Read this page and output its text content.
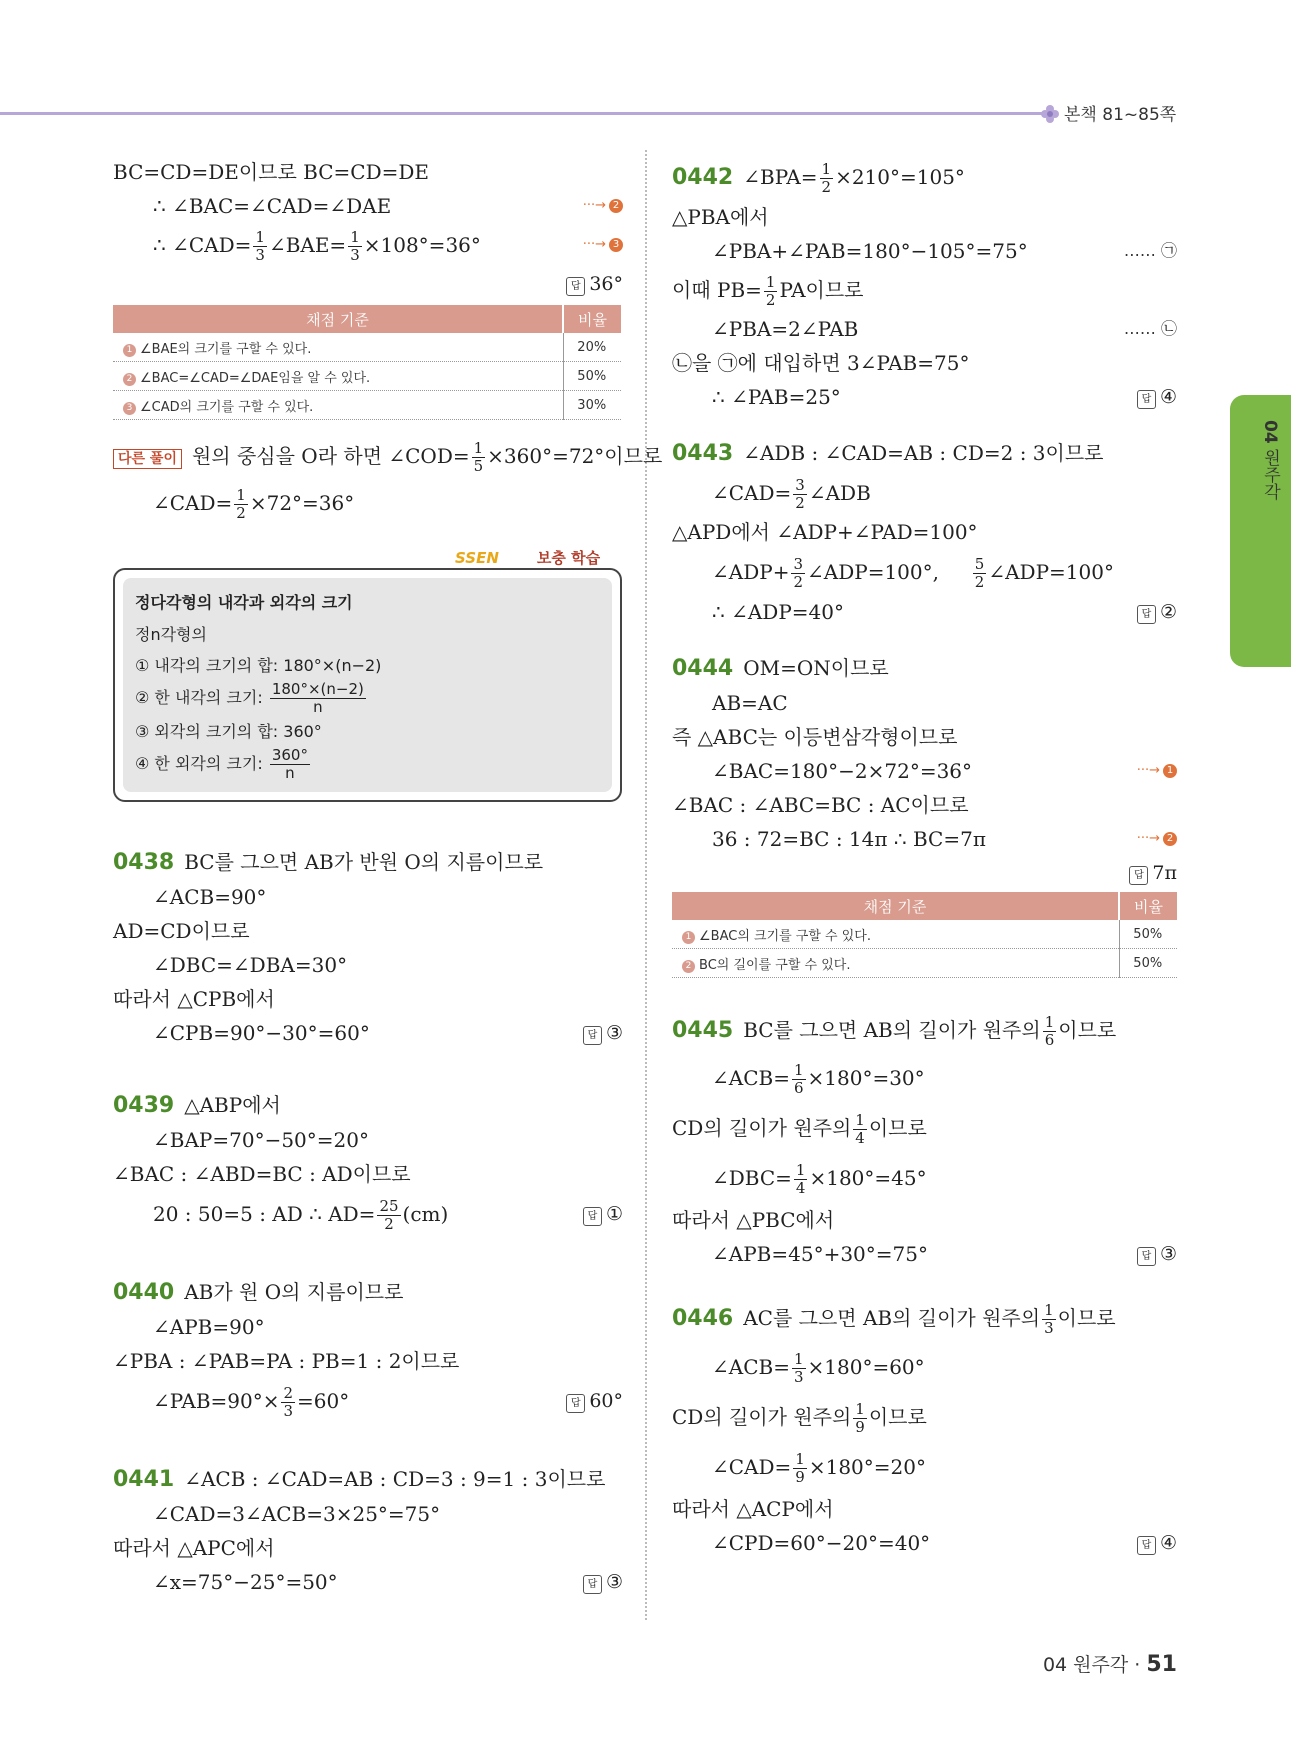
본책 81~85쪽
04 원주각
BC=CD=DE이므로 BC=CD=DE
∴ ∠BAC=∠CAD=∠DAE	···→ 2
∴ ∠CAD= $\frac{1}{3}$ ∠BAE= $\frac{1}{3} \times 108^\circ=36^\circ$	···→ 3
답 36°
채점 기준	비율
1 ∠BAE의 크기를 구할 수 있다.	20%
2 ∠BAC=∠CAD=∠DAE임을 알 수 있다.	50%
3 ∠CAD의 크기를 구할 수 있다.	30%
다른 풀이 원의 중심을 O라 하면 ∠COD= $\frac{1}{5} \times 360^\circ=72^\circ$이므로
∠CAD= $\frac{1}{2} \times 72^\circ=36^\circ$
SSEN	보충 학습
정다각형의 내각과 외각의 크기
정n각형의
① 내각의 크기의 합: 180°×(n−2)
② 한 내각의 크기: $\frac{180^\circ\times(n-2)}{n}$
③ 외각의 크기의 합: 360°
④ 한 외각의 크기: $\frac{360^\circ}{n}$
0438 BC를 그으면 AB가 반원 O의 지름이므로
∠ACB=90°
AD=CD이므로
∠DBC=∠DBA=30°
따라서 △CPB에서
∠CPB=90°−30°=60°	답 ③
0439 △ABP에서
∠BAP=70°−50°=20°
∠BAC : ∠ABD=BC : AD이므로
20 : 50=5 : AD ∴ $AD= \frac{25}{2} (cm)$	답 ①
0440 AB가 원 O의 지름이므로
∠APB=90°
∠PBA : ∠PAB=PA : PB=1 : 2이므로
∠PAB=90°× $\frac{2}{3} =60^\circ$	답 60°
0441 ∠ACB : ∠CAD=AB : CD=3 : 9=1 : 3이므로
∠CAD=3∠ACB=3×25°=75°
따라서 △APC에서
∠x=75°−25°=50°	답 ③
0442 ∠BPA= $\frac{1}{2} \times 210^\circ=105^\circ$
△PBA에서
∠PBA+∠PAB=180°−105°=75°	…… ㉠
이때 $PB= \frac{1}{2}$ PA이므로
∠PBA=2∠PAB	…… ㉡
㉡을 ㉠에 대입하면 3∠PAB=75°
∴ ∠PAB=25°	답 ④
0443 ∠ADB : ∠CAD=AB : CD=2 : 3이므로
∠CAD= $\frac{3}{2}$ ∠ADB
△APD에서 ∠ADP+∠PAD=100°
∠ADP+ $\frac{3}{2}$ ∠ADP=100°, $\frac{5}{2}$ ∠ADP=100°
∴ ∠ADP=40°	답 ②
0444 OM=ON이므로
AB=AC
즉 △ABC는 이등변삼각형이므로
∠BAC=180°−2×72°=36°	···→ 1
∠BAC : ∠ABC=BC : AC이므로
36 : 72=BC : 14π ∴ BC=7π	···→ 2
답 7π
채점 기준	비율
1 ∠BAC의 크기를 구할 수 있다.	50%
2 BC의 길이를 구할 수 있다.	50%
0445 BC를 그으면 AB의 길이가 원주의 $\frac{1}{6}$ 이므로
∠ACB= $\frac{1}{6} \times 180^\circ=30^\circ$
CD의 길이가 원주의 $\frac{1}{4}$ 이므로
∠DBC= $\frac{1}{4} \times 180^\circ=45^\circ$
따라서 △PBC에서
∠APB=45°+30°=75°	답 ③
0446 AC를 그으면 AB의 길이가 원주의 $\frac{1}{3}$ 이므로
∠ACB= $\frac{1}{3} \times 180^\circ=60^\circ$
CD의 길이가 원주의 $\frac{1}{9}$ 이므로
∠CAD= $\frac{1}{9} \times 180^\circ=20^\circ$
따라서 △ACP에서
∠CPD=60°−20°=40°	답 ④
04 원주각 · 51
